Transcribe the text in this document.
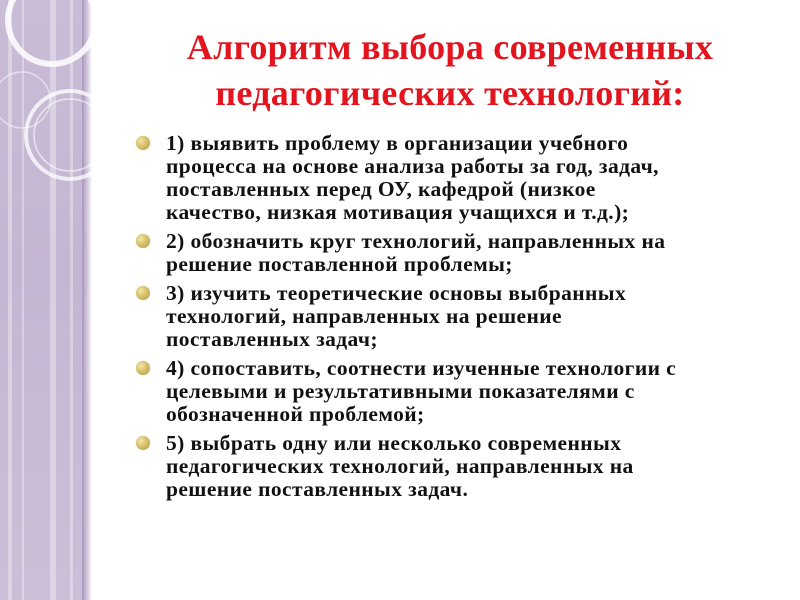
Алгоритм выбора современных
педагогических технологий:
1) выявить проблему в организации учебного
процесса на основе анализа работы за год, задач,
поставленных перед ОУ, кафедрой (низкое
качество, низкая мотивация учащихся и т.д.);
2) обозначить круг технологий, направленных на
решение поставленной проблемы;
3) изучить теоретические основы выбранных
технологий, направленных на решение
поставленных задач;
4) сопоставить, соотнести изученные технологии с
целевыми и результативными показателями с
обозначенной проблемой;
5) выбрать одну или несколько современных
педагогических технологий, направленных на
решение поставленных задач.
